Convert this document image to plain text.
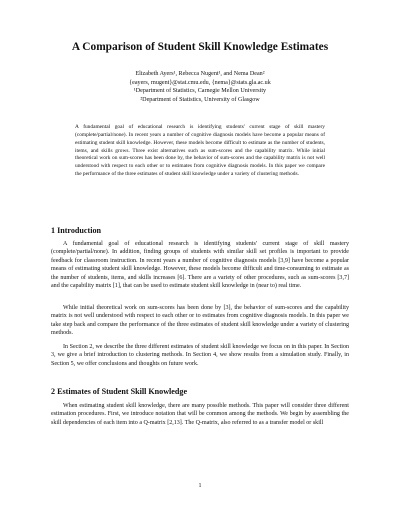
A Comparison of Student Skill Knowledge Estimates
Elizabeth Ayers¹, Rebecca Nugent¹, and Nema Dean²
{eayers, rnugent}@stat.cmu.edu, {nema}@stats.gla.ac.uk
¹Department of Statistics, Carnegie Mellon University
²Department of Statistics, University of Glasgow
A fundamental goal of educational research is identifying students' current stage of skill mastery (complete/partial/none). In recent years a number of cognitive diagnosis models have become a popular means of estimating student skill knowledge. However, these models become difficult to estimate as the number of students, items, and skills grows. Three exist alternatives such as sum-scores and the capability matrix. While initial theoretical work on sum-scores has been done by, the behavior of sum-scores and the capability matrix is not well understood with respect to each other or to estimates from cognitive diagnosis models. In this paper we compare the performance of the three estimates of student skill knowledge under a variety of clustering methods.
1 Introduction

A fundamental goal of educational research is identifying students' current stage of skill mastery (complete/partial/none). In addition, finding groups of students with similar skill set profiles is important to provide feedback for classroom instruction. In recent years a number of cognitive diagnosis models [3,9] have become a popular means of estimating student skill knowledge. However, these models become difficult and time-consuming to estimate as the number of students, items, and skills increases [6]. There are a variety of other procedures, such as sum-scores [3,7] and the capability matrix [1], that can be used to estimate student skill knowledge in (near to) real time.

While initial theoretical work on sum-scores has been done by [3], the behavior of sum-scores and the capability matrix is not well understood with respect to each other or to estimates from cognitive diagnosis models. In this paper we take step back and compare the performance of the three estimates of student skill knowledge under a variety of clustering methods.

In Section 2, we describe the three different estimates of student skill knowledge we focus on in this paper. In Section 3, we give a brief introduction to clustering methods. In Section 4, we show results from a simulation study. Finally, in Section 5, we offer conclusions and thoughts on future work.

2 Estimates of Student Skill Knowledge

When estimating student skill knowledge, there are many possible methods. This paper will consider three different estimation procedures. First, we introduce notation that will be common among the methods. We begin by assembling the skill dependencies of each item into a Q-matrix [2,13]. The Q-matrix, also referred to as a transfer model or skill

1
